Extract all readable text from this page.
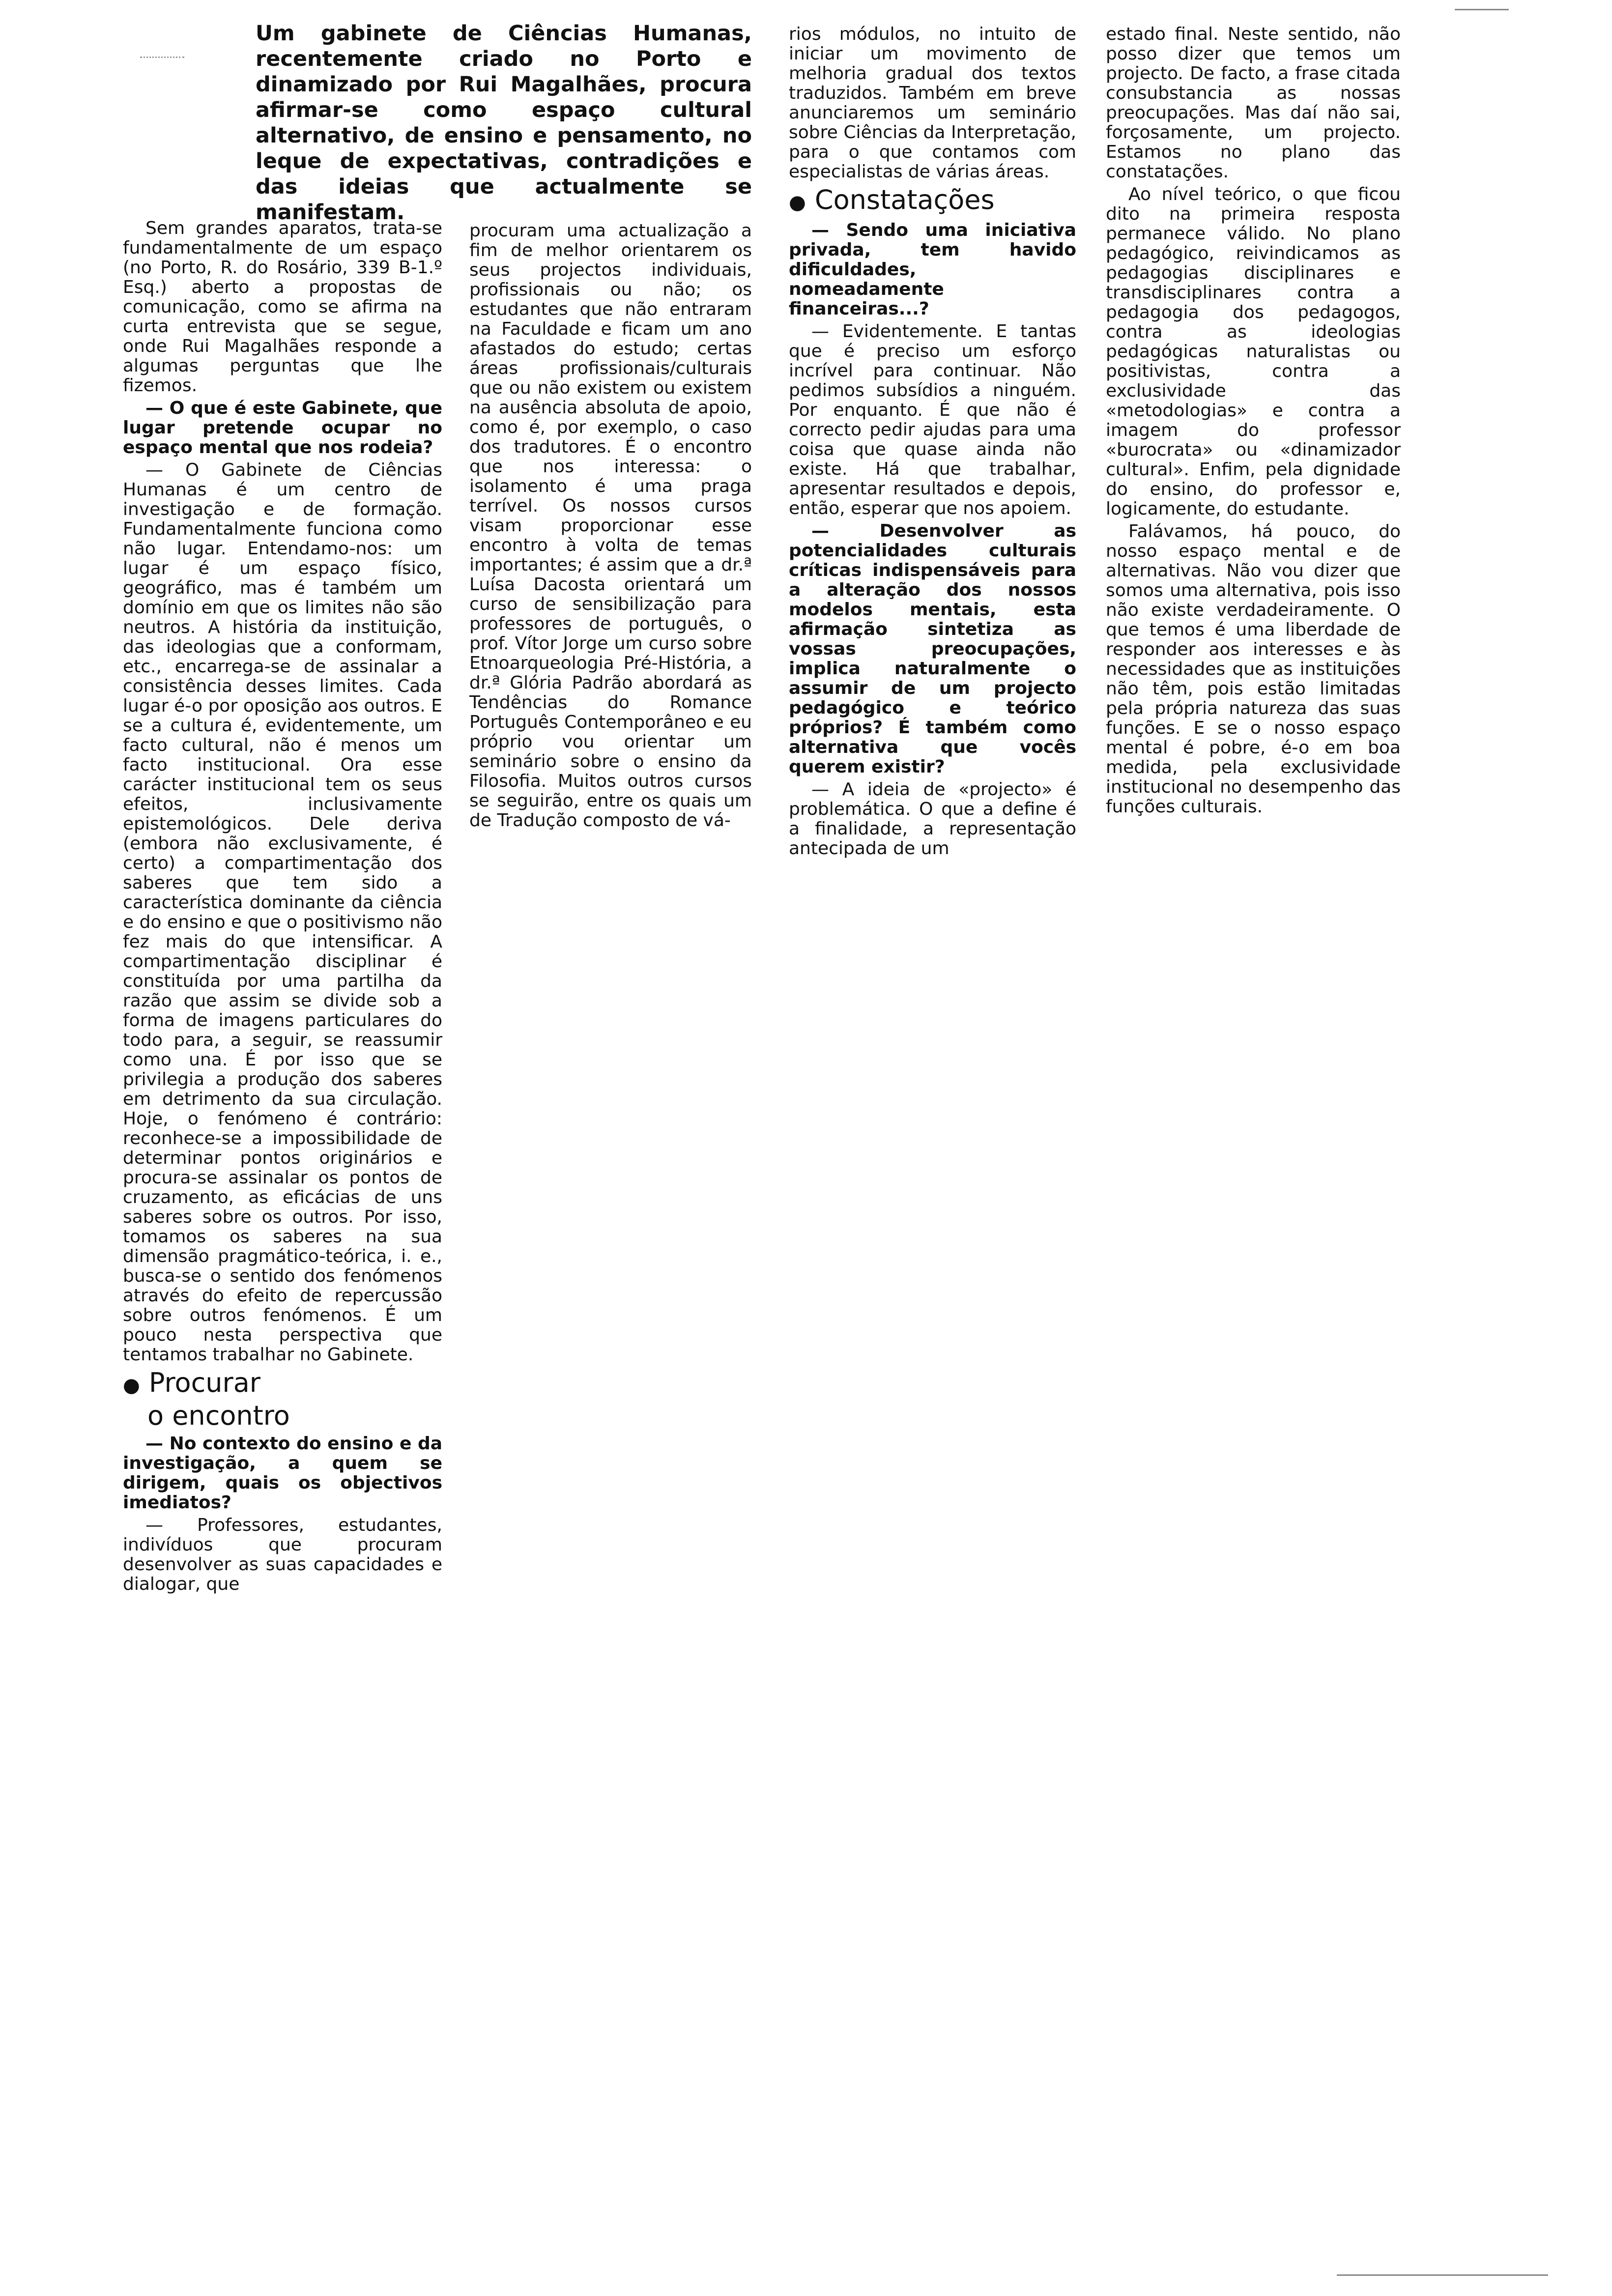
Um gabinete de Ciências Humanas, recentemente criado no Porto e dinamizado por Rui Magalhães, procura afirmar-se como espaço cultural alternativo, de ensino e pensamento, no leque de expectativas, contradições e das ideias que actualmente se manifestam.

Sem grandes aparatos, trata-se fundamentalmente de um espaço (no Porto, R. do Rosário, 339 B-1.º Esq.) aberto a propostas de comunicação, como se afirma na curta entrevista que se segue, onde Rui Magalhães responde a algumas perguntas que lhe fizemos.

— O que é este Gabinete, que lugar pretende ocupar no espaço mental que nos rodeia?

— O Gabinete de Ciências Humanas é um centro de investigação e de formação. Fundamentalmente funciona como não lugar. Entendamo-nos: um lugar é um espaço físico, geográfico, mas é também um domínio em que os limites não são neutros. A história da instituição, das ideologias que a conformam, etc., encarrega-se de assinalar a consistência desses limites. Cada lugar é-o por oposição aos outros. E se a cultura é, evidentemente, um facto cultural, não é menos um facto institucional. Ora esse carácter institucional tem os seus efeitos, inclusivamente epistemológicos. Dele deriva (embora não exclusivamente, é certo) a compartimentação dos saberes que tem sido a característica dominante da ciência e do ensino e que o positivismo não fez mais do que intensificar. A compartimentação disciplinar é constituída por uma partilha da razão que assim se divide sob a forma de imagens particulares do todo para, a seguir, se reassumir como una. É por isso que se privilegia a produção dos saberes em detrimento da sua circulação. Hoje, o fenómeno é contrário: reconhece-se a impossibilidade de determinar pontos originários e procura-se assinalar os pontos de cruzamento, as eficácias de uns saberes sobre os outros. Por isso, tomamos os saberes na sua dimensão pragmático-teórica, i. e., busca-se o sentido dos fenómenos através do efeito de repercussão sobre outros fenómenos. É um pouco nesta perspectiva que tentamos trabalhar no Gabinete.

● Procurar
o encontro

— No contexto do ensino e da investigação, a quem se dirigem, quais os objectivos imediatos?

— Professores, estudantes, indivíduos que procuram desenvolver as suas capacidades e dialogar, que

procuram uma actualização a fim de melhor orientarem os seus projectos individuais, profissionais ou não; os estudantes que não entraram na Faculdade e ficam um ano afastados do estudo; certas áreas profissionais/culturais que ou não existem ou existem na ausência absoluta de apoio, como é, por exemplo, o caso dos tradutores. É o encontro que nos interessa: o isolamento é uma praga terrível. Os nossos cursos visam proporcionar esse encontro à volta de temas importantes; é assim que a dr.ª Luísa Dacosta orientará um curso de sensibilização para professores de português, o prof. Vítor Jorge um curso sobre Etnoarqueologia Pré-História, a dr.ª Glória Padrão abordará as Tendências do Romance Português Contemporâneo e eu próprio vou orientar um seminário sobre o ensino da Filosofia. Muitos outros cursos se seguirão, entre os quais um de Tradução composto de vá-

rios módulos, no intuito de iniciar um movimento de melhoria gradual dos textos traduzidos. Também em breve anunciaremos um seminário sobre Ciências da Interpretação, para o que contamos com especialistas de várias áreas.

● Constatações

— Sendo uma iniciativa privada, tem havido dificuldades, nomeadamente financeiras...?

— Evidentemente. E tantas que é preciso um esforço incrível para continuar. Não pedimos subsídios a ninguém. Por enquanto. É que não é correcto pedir ajudas para uma coisa que quase ainda não existe. Há que trabalhar, apresentar resultados e depois, então, esperar que nos apoiem.

— Desenvolver as potencialidades culturais críticas indispensáveis para a alteração dos nossos modelos mentais, esta afirmação sintetiza as vossas preocupações, implica naturalmente o assumir de um projecto pedagógico e teórico próprios? É também como alternativa que vocês querem existir?

— A ideia de «projecto» é problemática. O que a define é a finalidade, a representação antecipada de um

estado final. Neste sentido, não posso dizer que temos um projecto. De facto, a frase citada consubstancia as nossas preocupações. Mas daí não sai, forçosamente, um projecto. Estamos no plano das constatações.

Ao nível teórico, o que ficou dito na primeira resposta permanece válido. No plano pedagógico, reivindicamos as pedagogias disciplinares e transdisciplinares contra a pedagogia dos pedagogos, contra as ideologias pedagógicas naturalistas ou positivistas, contra a exclusividade das «metodologias» e contra a imagem do professor «burocrata» ou «dinamizador cultural». Enfim, pela dignidade do ensino, do professor e, logicamente, do estudante.

Falávamos, há pouco, do nosso espaço mental e de alternativas. Não vou dizer que somos uma alternativa, pois isso não existe verdadeiramente. O que temos é uma liberdade de responder aos interesses e às necessidades que as instituições não têm, pois estão limitadas pela própria natureza das suas funções. E se o nosso espaço mental é pobre, é-o em boa medida, pela exclusividade institucional no desempenho das funções culturais.
